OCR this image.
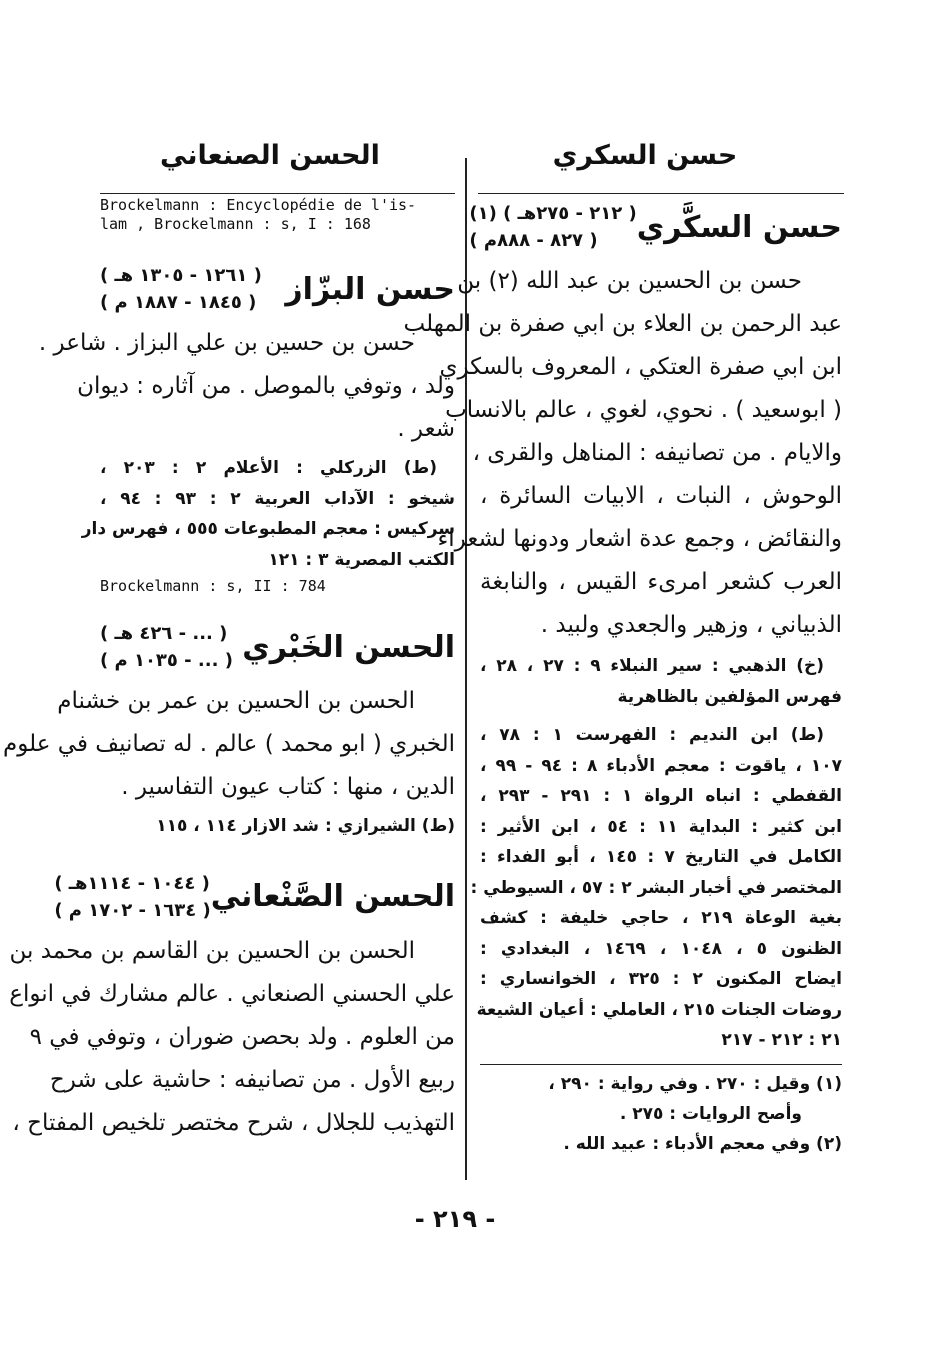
حسن السكري
الحسن الصنعاني
حسن السكَّري
( ٢١٢ - ٢٧٥هـ ) (١)
( ٨٢٧ - ٨٨٨م )
حسن بن الحسين بن عبد الله (٢) بن
عبد الرحمن بن العلاء بن ابي صفرة بن المهلب
ابن ابي صفرة العتكي ، المعروف بالسكري
( ابوسعيد ) . نحوي، لغوي ، عالم بالانساب
والايام . من تصانيفه : المناهل والقرى ،
الوحوش ، النبات ، الابيات السائرة ،
والنقائض ، وجمع عدة اشعار ودونها لشعراء
العرب كشعر امرىء القيس ، والنابغة
الذبياني ، وزهير والجعدي ولبيد .
(خ) الذهبي : سير النبلاء ٩ : ٢٧ ، ٢٨ ،
فهرس المؤلفين بالظاهرية
(ط) ابن النديم : الفهرست ١ : ٧٨ ،
١٠٧ ، ياقوت : معجم الأدباء ٨ : ٩٤ - ٩٩ ،
القفطي : انباه الرواة ١ : ٢٩١ - ٢٩٣ ،
ابن كثير : البداية ١١ : ٥٤ ، ابن الأثير :
الكامل في التاريخ ٧ : ١٤٥ ، أبو الفداء :
المختصر في أخبار البشر ٢ : ٥٧ ، السيوطي :
بغية الوعاة ٢١٩ ، حاجي خليفة : كشف
الظنون ٥ ، ١٠٤٨ ، ١٤٦٩ ، البغدادي :
ايضاح المكنون ٢ : ٣٢٥ ، الخوانساري :
روضات الجنات ٢١٥ ، العاملي : أعيان الشيعة
٢١ : ٢١٢ - ٢١٧
(١) وقيل : ٢٧٠ . وفي رواية : ٢٩٠ ،
وأصح الروايات : ٢٧٥ .
(٢) وفي معجم الأدباء : عبيد الله .
Brockelmann : Encyclopédie de l'is-
lam , Brockelmann : s, I : 168
حسن البزّاز
( ١٢٦١ - ١٣٠٥ هـ )
( ١٨٤٥ - ١٨٨٧ م )
حسن بن حسين بن علي البزاز . شاعر .
ولد ، وتوفي بالموصل . من آثاره : ديوان
شعر .
(ط) الزركلي : الأعلام ٢ : ٢٠٣ ،
شيخو : الآداب العربية ٢ : ٩٣ : ٩٤ ،
سركيس : معجم المطبوعات ٥٥٥ ، فهرس دار
الكتب المصرية ٣ : ١٢١
Brockelmann : s, II : 784
الحسن الخَبْري
( ... - ٤٢٦ هـ )
( ... - ١٠٣٥ م )
الحسن بن الحسين بن عمر بن خشنام
الخبري ( ابو محمد ) عالم . له تصانيف في علوم
الدين ، منها : كتاب عيون التفاسير .
(ط) الشيرازي : شد الازار ١١٤ ، ١١٥
الحسن الصَّنْعاني
( ١٠٤٤ - ١١١٤هـ )
( ١٦٣٤ - ١٧٠٢ م )
الحسن بن الحسين بن القاسم بن محمد بن
علي الحسني الصنعاني . عالم مشارك في انواع
من العلوم . ولد بحصن ضوران ، وتوفي في ٩
ربيع الأول . من تصانيفه : حاشية على شرح
التهذيب للجلال ، شرح مختصر تلخيص المفتاح ،
- ٢١٩ -
